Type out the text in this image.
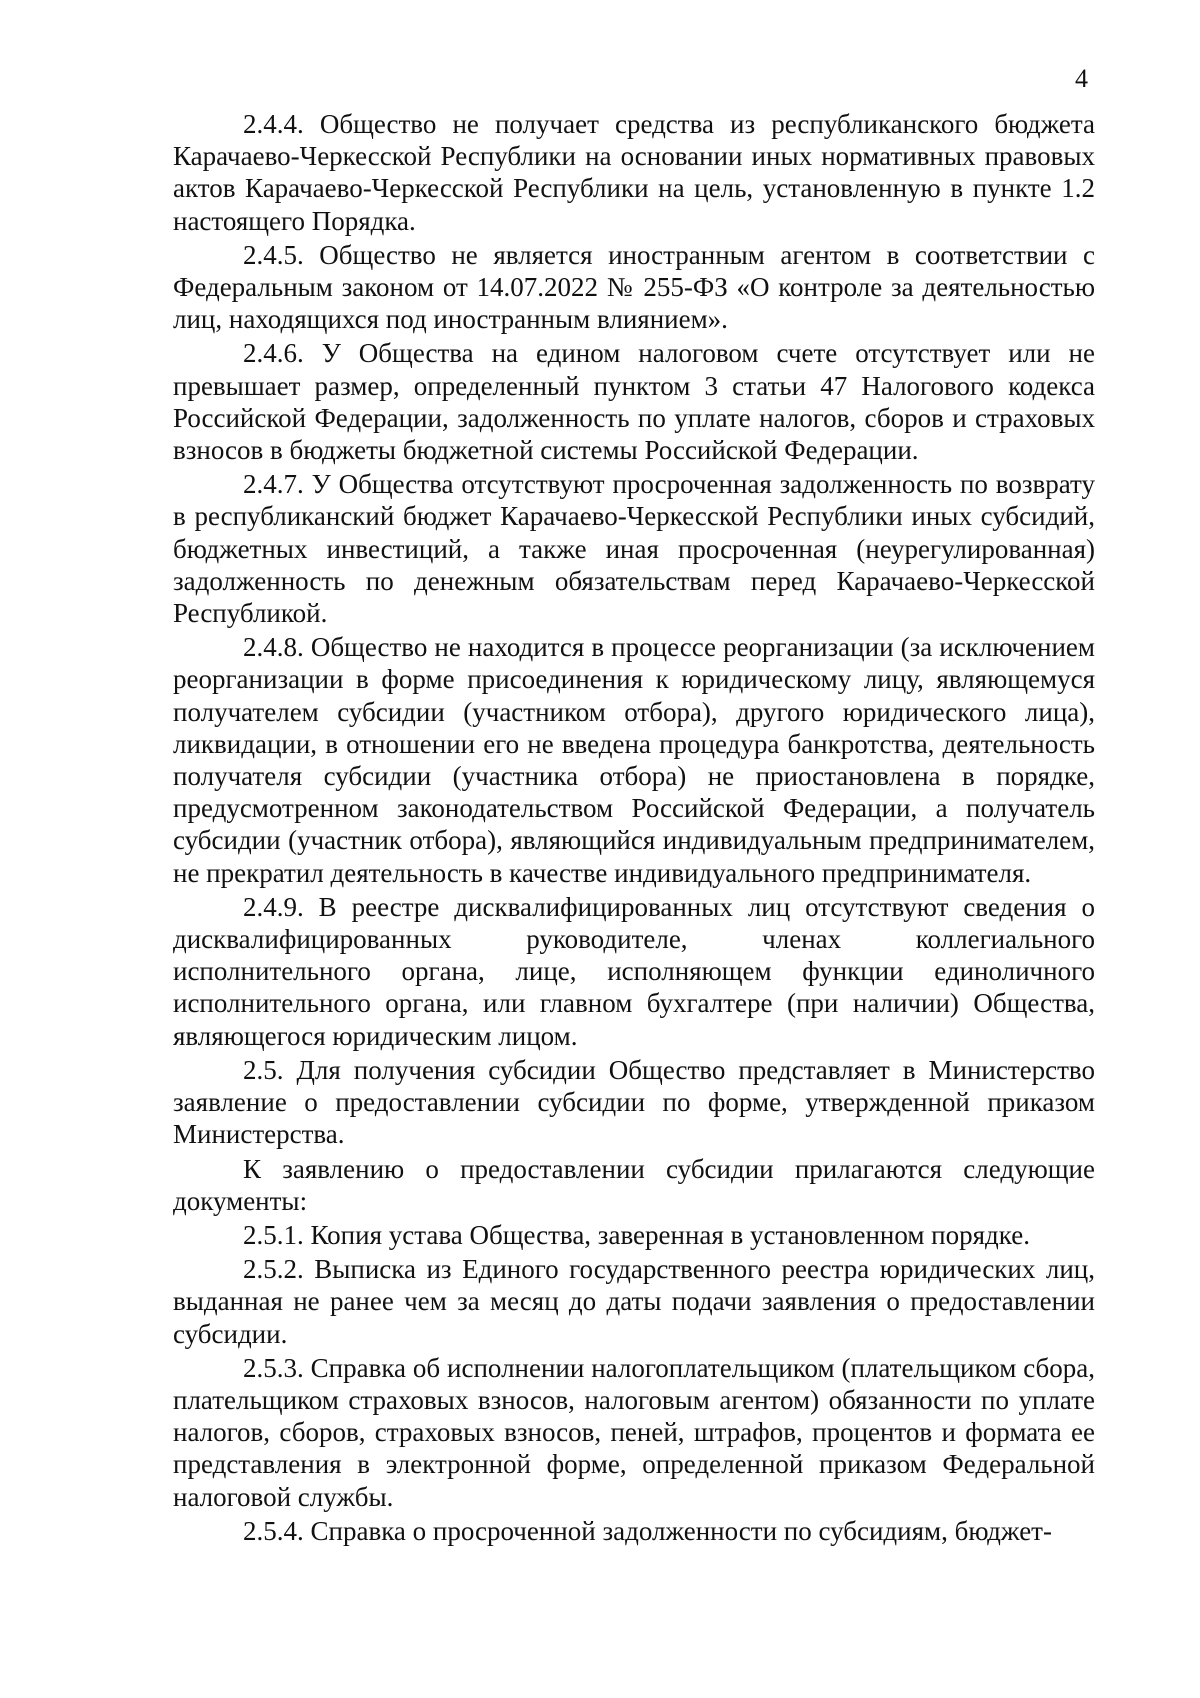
4

2.4.4. Общество не получает средства из республиканского бюджета Карачаево-Черкесской Республики на основании иных нормативных правовых актов Карачаево-Черкесской Республики на цель, установленную в пункте 1.2 настоящего Порядка.

2.4.5. Общество не является иностранным агентом в соответствии с Федеральным законом от 14.07.2022 № 255-ФЗ «О контроле за деятельностью лиц, находящихся под иностранным влиянием».

2.4.6. У Общества на едином налоговом счете отсутствует или не превышает размер, определенный пунктом 3 статьи 47 Налогового кодекса Российской Федерации, задолженность по уплате налогов, сборов и страховых взносов в бюджеты бюджетной системы Российской Федерации.

2.4.7. У Общества отсутствуют просроченная задолженность по возврату в республиканский бюджет Карачаево-Черкесской Республики иных субсидий, бюджетных инвестиций, а также иная просроченная (неурегулированная) задолженность по денежным обязательствам перед Карачаево-Черкесской Республикой.

2.4.8. Общество не находится в процессе реорганизации (за исключением реорганизации в форме присоединения к юридическому лицу, являющемуся получателем субсидии (участником отбора), другого юридического лица), ликвидации, в отношении его не введена процедура банкротства, деятельность получателя субсидии (участника отбора) не приостановлена в порядке, предусмотренном законодательством Российской Федерации, а получатель субсидии (участник отбора), являющийся индивидуальным предпринимателем, не прекратил деятельность в качестве индивидуального предпринимателя.

2.4.9. В реестре дисквалифицированных лиц отсутствуют сведения о дисквалифицированных руководителе, членах коллегиального исполнительного органа, лице, исполняющем функции единоличного исполнительного органа, или главном бухгалтере (при наличии) Общества, являющегося юридическим лицом.

2.5. Для получения субсидии Общество представляет в Министерство заявление о предоставлении субсидии по форме, утвержденной приказом Министерства.

К заявлению о предоставлении субсидии прилагаются следующие документы:

2.5.1. Копия устава Общества, заверенная в установленном порядке.

2.5.2. Выписка из Единого государственного реестра юридических лиц, выданная не ранее чем за месяц до даты подачи заявления о предоставлении субсидии.

2.5.3. Справка об исполнении налогоплательщиком (плательщиком сбора, плательщиком страховых взносов, налоговым агентом) обязанности по уплате налогов, сборов, страховых взносов, пеней, штрафов, процентов и формата ее представления в электронной форме, определенной приказом Федеральной налоговой службы.

2.5.4. Справка о просроченной задолженности по субсидиям, бюджет-
